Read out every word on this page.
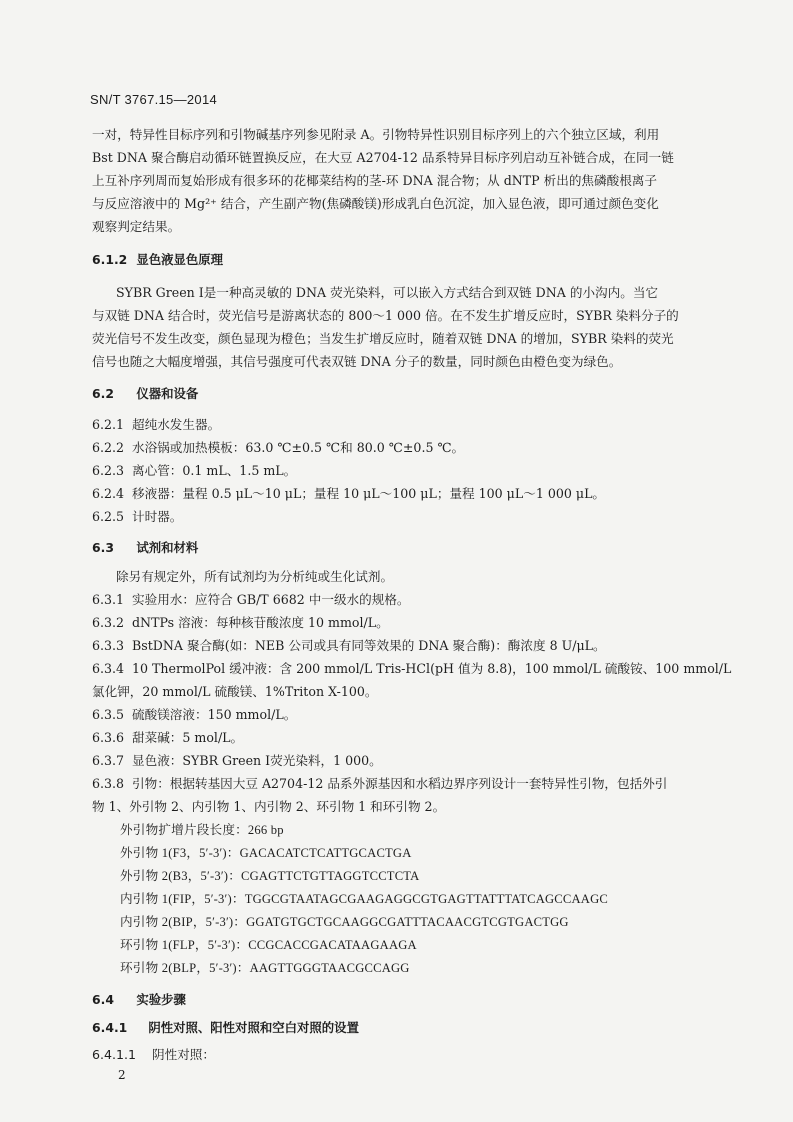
SN/T 3767.15—2014
一对，特异性目标序列和引物碱基序列参见附录 A。引物特异性识别目标序列上的六个独立区域，利用
Bst DNA 聚合酶启动循环链置换反应，在大豆 A2704-12 品系特异目标序列启动互补链合成，在同一链
上互补序列周而复始形成有很多环的花椰菜结构的茎-环 DNA 混合物；从 dNTP 析出的焦磷酸根离子
与反应溶液中的 Mg²⁺ 结合，产生副产物(焦磷酸镁)形成乳白色沉淀，加入显色液，即可通过颜色变化
观察判定结果。
6.1.2 显色液显色原理
SYBR Green Ⅰ是一种高灵敏的 DNA 荧光染料，可以嵌入方式结合到双链 DNA 的小沟内。当它
与双链 DNA 结合时，荧光信号是游离状态的 800～1 000 倍。在不发生扩增反应时，SYBR 染料分子的
荧光信号不发生改变，颜色显现为橙色；当发生扩增反应时，随着双链 DNA 的增加，SYBR 染料的荧光
信号也随之大幅度增强，其信号强度可代表双链 DNA 分子的数量，同时颜色由橙色变为绿色。
6.2 仪器和设备
6.2.1 超纯水发生器。
6.2.2 水浴锅或加热模板：63.0 ℃±0.5 ℃和 80.0 ℃±0.5 ℃。
6.2.3 离心管：0.1 mL、1.5 mL。
6.2.4 移液器：量程 0.5 μL～10 μL；量程 10 μL～100 μL；量程 100 μL～1 000 μL。
6.2.5 计时器。
6.3 试剂和材料
除另有规定外，所有试剂均为分析纯或生化试剂。
6.3.1 实验用水：应符合 GB/T 6682 中一级水的规格。
6.3.2 dNTPs 溶液：每种核苷酸浓度 10 mmol/L。
6.3.3 BstDNA 聚合酶(如：NEB 公司或具有同等效果的 DNA 聚合酶)：酶浓度 8 U/μL。
6.3.4 10 ThermolPol 缓冲液：含 200 mmol/L Tris-HCl(pH 值为 8.8)，100 mmol/L 硫酸铵、100 mmol/L
氯化钾，20 mmol/L 硫酸镁、1%Triton X-100。
6.3.5 硫酸镁溶液：150 mmol/L。
6.3.6 甜菜碱：5 mol/L。
6.3.7 显色液：SYBR Green Ⅰ荧光染料，1 000。
6.3.8 引物：根据转基因大豆 A2704-12 品系外源基因和水稻边界序列设计一套特异性引物，包括外引
物 1、外引物 2、内引物 1、内引物 2、环引物 1 和环引物 2。
外引物扩增片段长度：266 bp
外引物 1(F3，5′-3′)：GACACATCTCATTGCACTGA
外引物 2(B3，5′-3′)：CGAGTTCTGTTAGGTCCTCTA
内引物 1(FIP，5′-3′)：TGGCGTAATAGCGAAGAGGCGTGAGTTATTTATCAGCCAAGC
内引物 2(BIP，5′-3′)：GGATGTGCTGCAAGGCGATTTACAACGTCGTGACTGG
环引物 1(FLP，5′-3′)：CCGCACCGACATAAGAAGA
环引物 2(BLP，5′-3′)：AAGTTGGGTAACGCCAGG
6.4 实验步骤
6.4.1 阴性对照、阳性对照和空白对照的设置
6.4.1.1 阴性对照：
2
